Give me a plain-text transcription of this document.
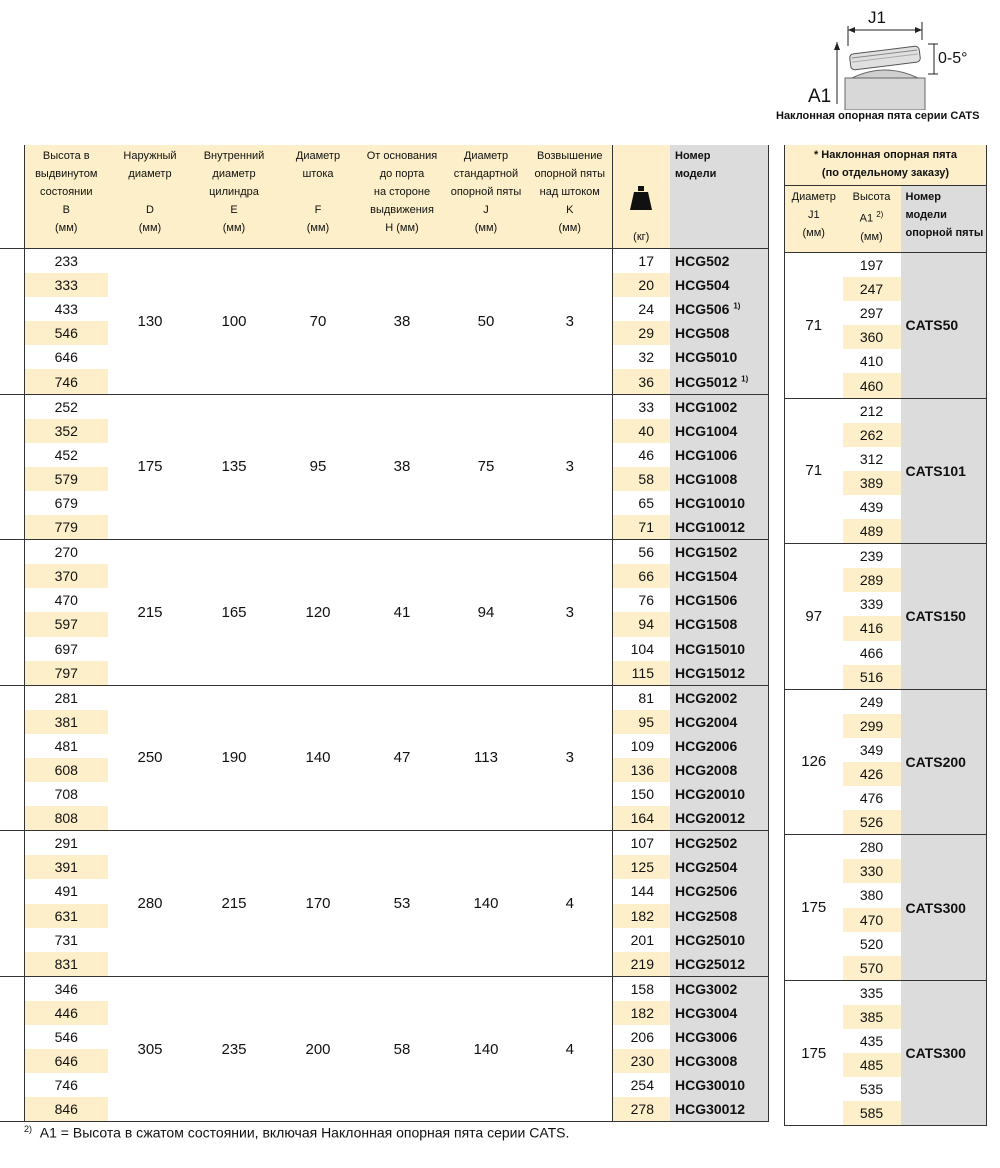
J1
0-5°
A1
Наклонная опорная пята серии CATS

	Высота в
выдвинутом
состоянии
B
(мм)	Наружный
диаметр
D
(мм)	Внутренний
диаметр
цилиндра
E
(мм)	Диаметр
штока
F
(мм)	От основания
до порта
на стороне
выдвижения
H (мм)	Диаметр
стандартной
опорной пяты
J
(мм)	Возвышение
опорной пяты
над штоком
K
(мм)	(кг)	Номер
модели

	233	130	100	70	38	50	3	17	HCG502
	333							20	HCG504
	433							24	HCG506 $^{1)}$
	546							29	HCG508
	646							32	HCG5010
	746							36	HCG5012 $^{1)}$
	252	175	135	95	38	75	3	33	HCG1002
	352							40	HCG1004
	452							46	HCG1006
	579							58	HCG1008
	679							65	HCG10010
	779							71	HCG10012
	270	215	165	120	41	94	3	56	HCG1502
	370							66	HCG1504
	470							76	HCG1506
	597							94	HCG1508
	697							104	HCG15010
	797							115	HCG15012
	281	250	190	140	47	113	3	81	HCG2002
	381							95	HCG2004
	481							109	HCG2006
	608							136	HCG2008
	708							150	HCG20010
	808							164	HCG20012
	291	280	215	170	53	140	4	107	HCG2502
	391							125	HCG2504
	491							144	HCG2506
	631							182	HCG2508
	731							201	HCG25010
	831							219	HCG25012
	346	305	235	200	58	140	4	158	HCG3002
	446							182	HCG3004
	546							206	HCG3006
	646							230	HCG3008
	746							254	HCG30010
	846							278	HCG30012
* Наклонная опорная пята
(по отдельному заказу)		

Диаметр
J1
(мм)	Высота
A1 $^{2)}$
(мм)	Номер
модели
опорной пяты

71	197	CATS50
	247	
	297	
	360	
	410	
	460	
71	212	CATS101
	262	
	312	
	389	
	439	
	489	
97	239	CATS150
	289	
	339	
	416	
	466	
	516	
126	249	CATS200
	299	
	349	
	426	
	476	
	526	
175	280	CATS300
	330	
	380	
	470	
	520	
	570	
175	335	CATS300
	385	
	435	
	485	
	535	
	585	
$^{2)}$ A1 = Высота в сжатом состоянии, включая Наклонная опорная пята серии CATS.
